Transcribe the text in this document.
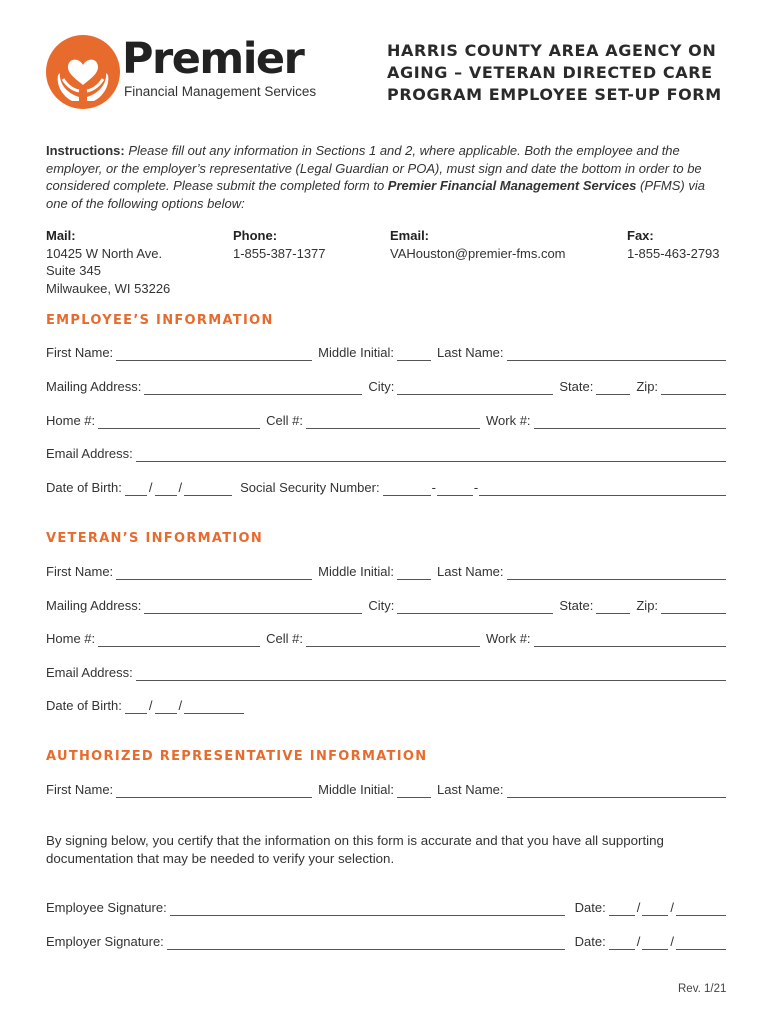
Premier
Financial Management Services
HARRIS COUNTY AREA AGENCY ON
AGING – VETERAN DIRECTED CARE
PROGRAM EMPLOYEE SET-UP FORM
Instructions: Please fill out any information in Sections 1 and 2, where applicable. Both the employee and the employer, or the employer’s representative (Legal Guardian or POA), must sign and date the bottom in order to be considered complete. Please submit the completed form to Premier Financial Management Services (PFMS) via one of the following options below:
Mail:
10425 W North Ave.
Suite 345
Milwaukee, WI 53226
Phone:
1-855-387-1377
Email:
VAHouston@premier-fms.com
Fax:
1-855-463-2793
EMPLOYEE’S INFORMATION
First Name:	Middle Initial:	Last Name:
Mailing Address:	City:	State:	Zip:
Home #:	Cell #:	Work #:
Email Address:
Date of Birth: / /	Social Security Number:	-	-
VETERAN’S INFORMATION
First Name:	Middle Initial:	Last Name:
Mailing Address:	City:	State:	Zip:
Home #:	Cell #:	Work #:
Email Address:
Date of Birth: / /
AUTHORIZED REPRESENTATIVE INFORMATION
First Name:	Middle Initial:	Last Name:
By signing below, you certify that the information on this form is accurate and that you have all supporting documentation that may be needed to verify your selection.
Employee Signature:	Date: / /
Employer Signature:	Date: / /
Rev. 1/21
